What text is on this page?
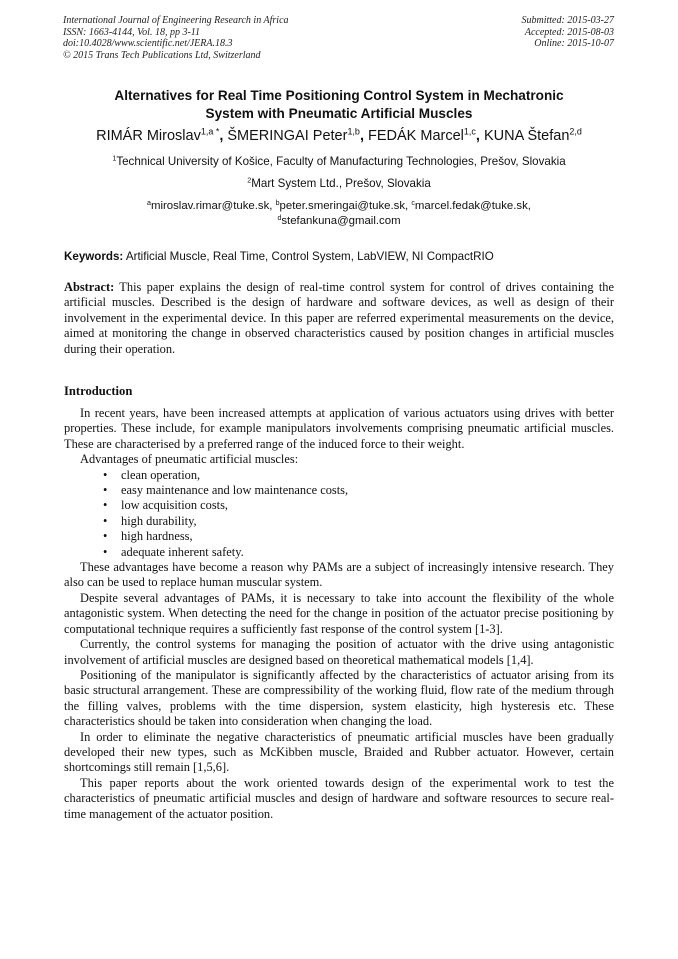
International Journal of Engineering Research in Africa
ISSN: 1663-4144, Vol. 18, pp 3-11
doi:10.4028/www.scientific.net/JERA.18.3
© 2015 Trans Tech Publications Ltd, Switzerland
Submitted: 2015-03-27
Accepted: 2015-08-03
Online: 2015-10-07
Alternatives for Real Time Positioning Control System in Mechatronic
System with Pneumatic Artificial Muscles
RIMÁR Miroslav$^{1,a *}$, ŠMERINGAI Peter$^{1,b}$, FEDÁK Marcel$^{1,c}$, KUNA Štefan$^{2,d}$
$^1$Technical University of Košice, Faculty of Manufacturing Technologies, Prešov, Slovakia
$^2$Mart System Ltd., Prešov, Slovakia
$^a$miroslav.rimar@tuke.sk, $^b$peter.smeringai@tuke.sk, $^c$marcel.fedak@tuke.sk,
$^d$stefankuna@gmail.com
Keywords: Artificial Muscle, Real Time, Control System, LabVIEW, NI CompactRIO
Abstract: This paper explains the design of real-time control system for control of drives containing the artificial muscles. Described is the design of hardware and software devices, as well as design of their involvement in the experimental device. In this paper are referred experimental measurements on the device, aimed at monitoring the change in observed characteristics caused by position changes in artificial muscles during their operation.
Introduction

In recent years, have been increased attempts at application of various actuators using drives with better properties. These include, for example manipulators involvements comprising pneumatic artificial muscles. These are characterised by a preferred range of the induced force to their weight.

Advantages of pneumatic artificial muscles:

• clean operation,
• easy maintenance and low maintenance costs,
• low acquisition costs,
• high durability,
• high hardness,
• adequate inherent safety.

These advantages have become a reason why PAMs are a subject of increasingly intensive research. They also can be used to replace human muscular system.

Despite several advantages of PAMs, it is necessary to take into account the flexibility of the whole antagonistic system. When detecting the need for the change in position of the actuator precise positioning by computational technique requires a sufficiently fast response of the control system [1-3].

Currently, the control systems for managing the position of actuator with the drive using antagonistic involvement of artificial muscles are designed based on theoretical mathematical models [1,4].

Positioning of the manipulator is significantly affected by the characteristics of actuator arising from its basic structural arrangement. These are compressibility of the working fluid, flow rate of the medium through the filling valves, problems with the time dispersion, system elasticity, high hysteresis etc. These characteristics should be taken into consideration when changing the load.

In order to eliminate the negative characteristics of pneumatic artificial muscles have been gradually developed their new types, such as McKibben muscle, Braided and Rubber actuator. However, certain shortcomings still remain [1,5,6].

This paper reports about the work oriented towards design of the experimental work to test the characteristics of pneumatic artificial muscles and design of hardware and software resources to secure real-time management of the actuator position.
